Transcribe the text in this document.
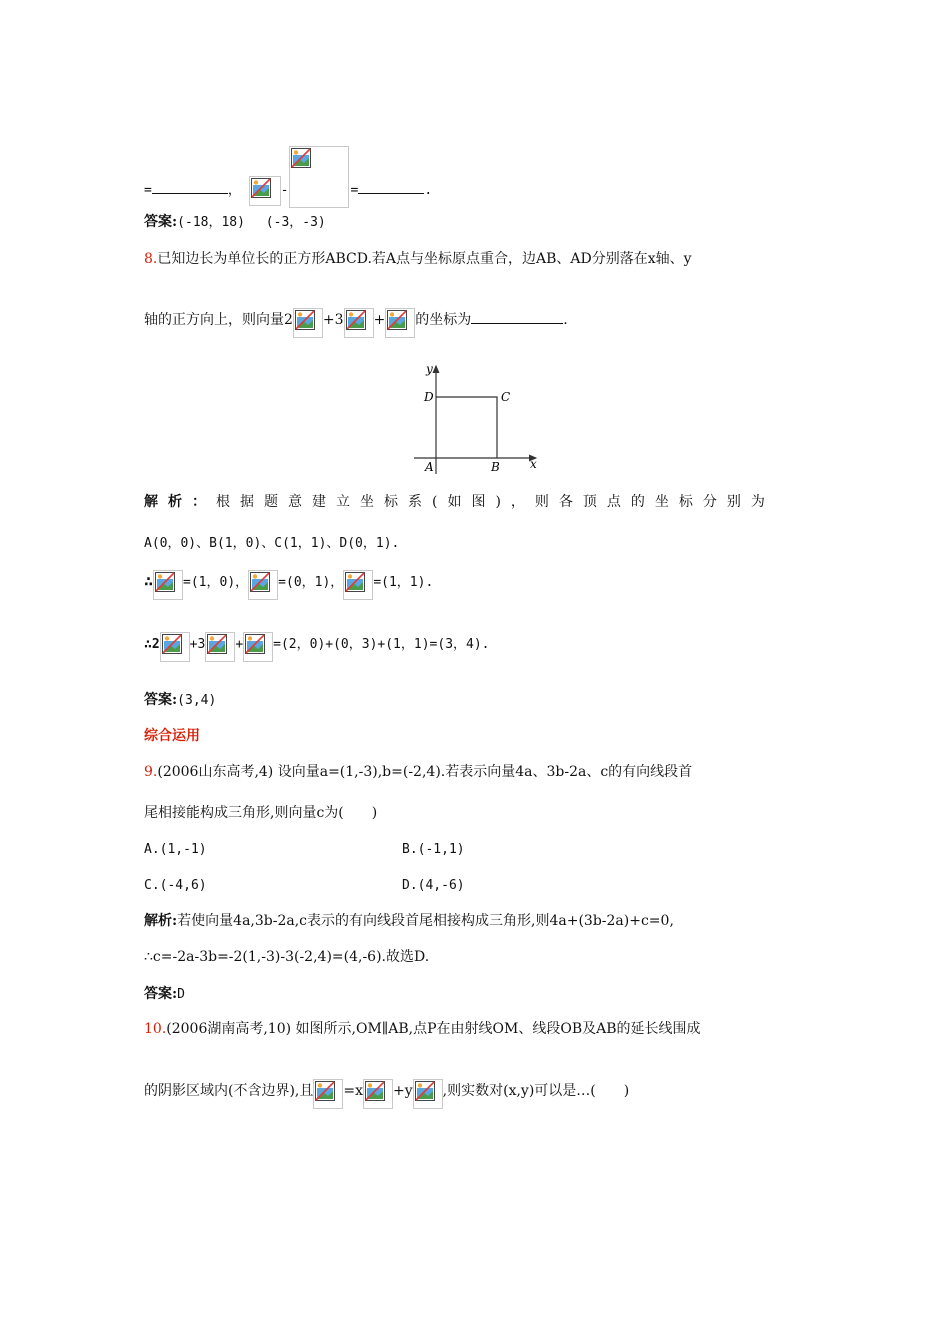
=	，	-	=	.
答案:(-18，18)　 (-3，-3)
8.已知边长为单位长的正方形ABCD.若A点与坐标原点重合，边AB、AD分别落在x轴、y
轴的正方向上，则向量2 +3 + 的坐标为	.
y
x
A	B
C
D
解析：根据题意建立坐标系(如图)，则各顶点的坐标分别为
A(0，0)、B(1，0)、C(1，1)、D(0，1).
∴ =(1，0)， =(0，1)， =(1，1).
∴2 +3 + =(2，0)+(0，3)+(1，1)=(3，4).
答案:(3,4)
综合运用
9.(2006山东高考,4) 设向量a=(1,-3),b=(-2,4).若表示向量4a、3b-2a、c的有向线段首
尾相接能构成三角形,则向量c为(　　)
A.(1,-1)	B.(-1,1)
C.(-4,6)	D.(4,-6)
解析:若使向量4a,3b-2a,c表示的有向线段首尾相接构成三角形,则4a+(3b-2a)+c=0,
∴c=-2a-3b=-2(1,-3)-3(-2,4)=(4,-6).故选D.
答案:D
10.(2006湖南高考,10) 如图所示,OM∥AB,点P在由射线OM、线段OB及AB的延长线围成
的阴影区域内(不含边界),且 =x +y ,则实数对(x,y)可以是…(　　)
